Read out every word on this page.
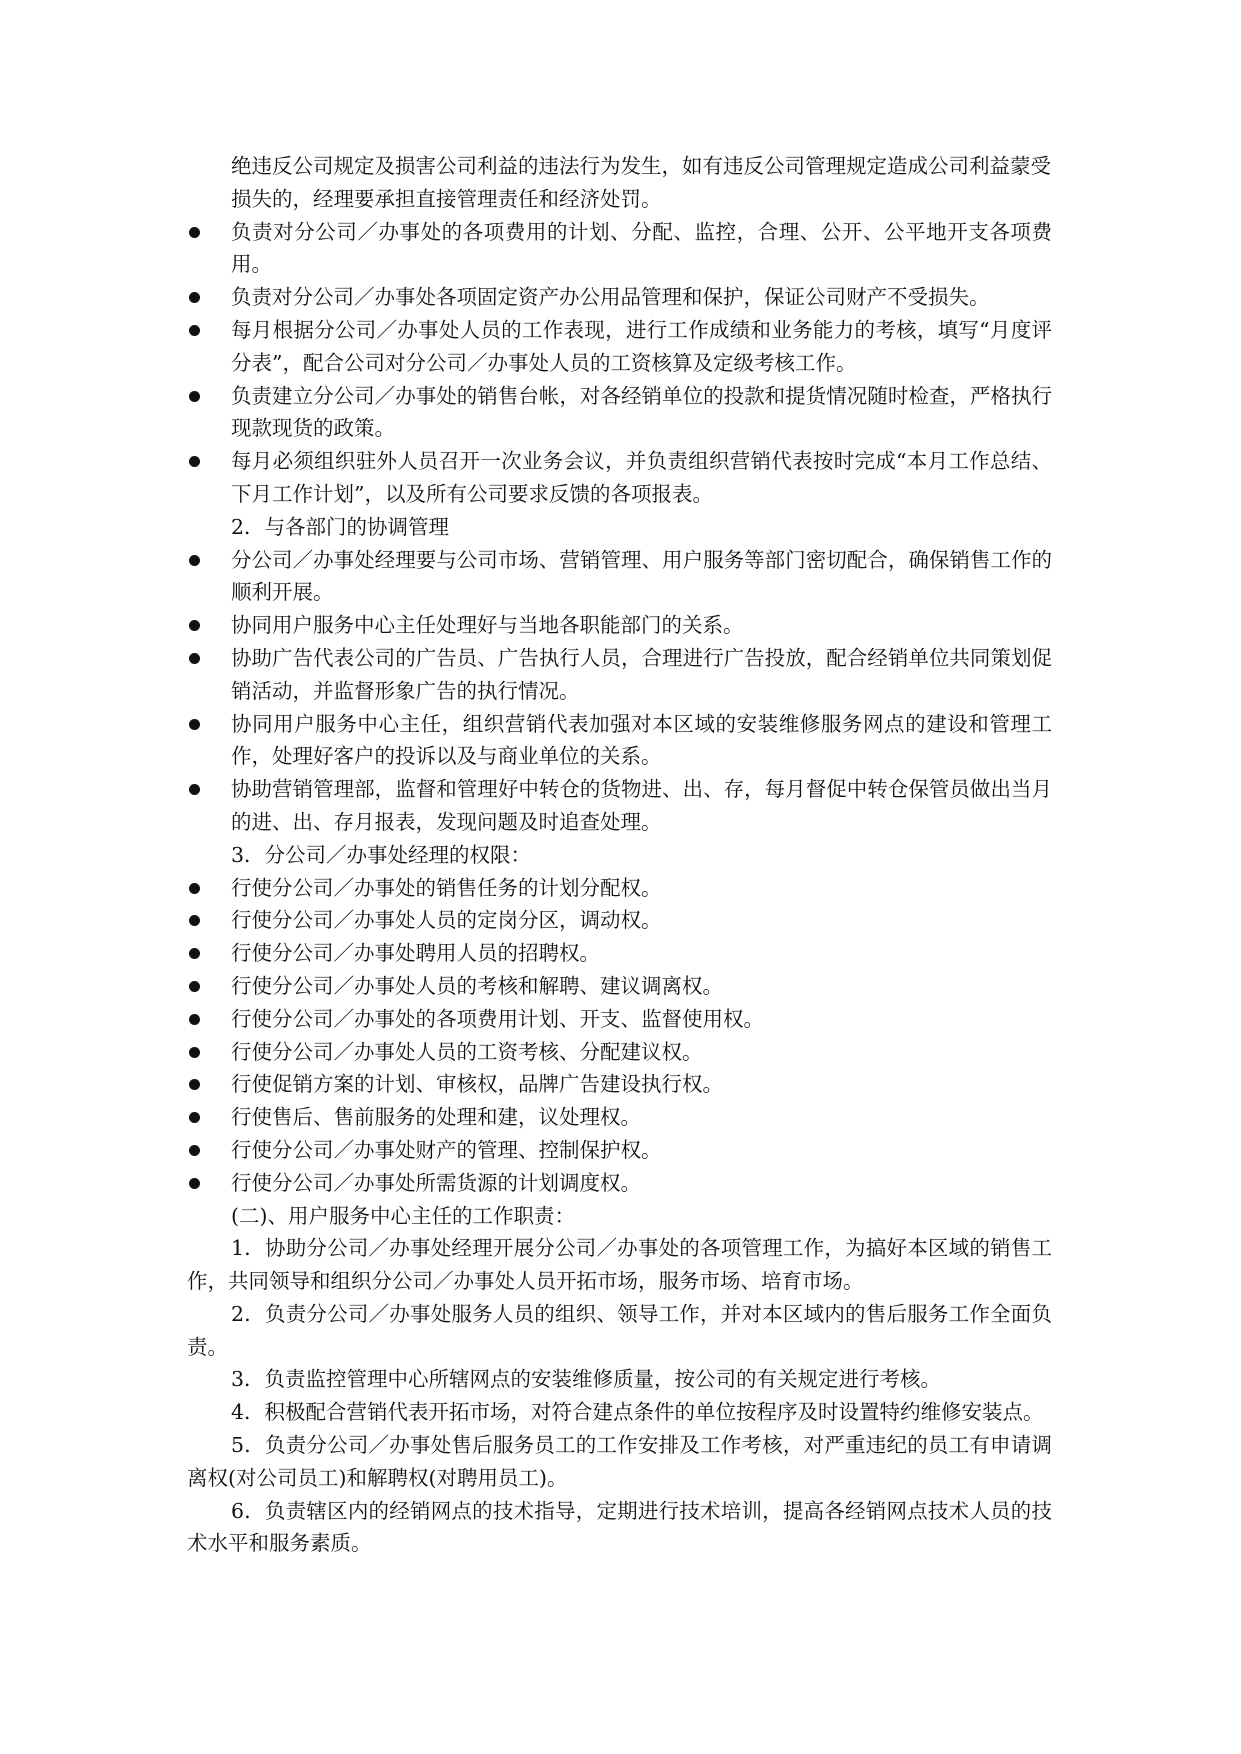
绝违反公司规定及损害公司利益的违法行为发生，如有违反公司管理规定造成公司利益蒙受损失的，经理要承担直接管理责任和经济处罚。

负责对分公司／办事处的各项费用的计划、分配、监控，合理、公开、公平地开支各项费用。

负责对分公司／办事处各项固定资产办公用品管理和保护，保证公司财产不受损失。

每月根据分公司／办事处人员的工作表现，进行工作成绩和业务能力的考核，填写“月度评分表”，配合公司对分公司／办事处人员的工资核算及定级考核工作。

负责建立分公司／办事处的销售台帐，对各经销单位的投款和提货情况随时检查，严格执行现款现货的政策。

每月必须组织驻外人员召开一次业务会议，并负责组织营销代表按时完成“本月工作总结、下月工作计划”，以及所有公司要求反馈的各项报表。

2．与各部门的协调管理

分公司／办事处经理要与公司市场、营销管理、用户服务等部门密切配合，确保销售工作的顺利开展。

协同用户服务中心主任处理好与当地各职能部门的关系。

协助广告代表公司的广告员、广告执行人员，合理进行广告投放，配合经销单位共同策划促销活动，并监督形象广告的执行情况。

协同用户服务中心主任，组织营销代表加强对本区域的安装维修服务网点的建设和管理工作，处理好客户的投诉以及与商业单位的关系。

协助营销管理部，监督和管理好中转仓的货物进、出、存，每月督促中转仓保管员做出当月的进、出、存月报表，发现问题及时追查处理。

3．分公司／办事处经理的权限：

行使分公司／办事处的销售任务的计划分配权。

行使分公司／办事处人员的定岗分区，调动权。

行使分公司／办事处聘用人员的招聘权。

行使分公司／办事处人员的考核和解聘、建议调离权。

行使分公司／办事处的各项费用计划、开支、监督使用权。

行使分公司／办事处人员的工资考核、分配建议权。

行使促销方案的计划、审核权，品牌广告建设执行权。

行使售后、售前服务的处理和建，议处理权。

行使分公司／办事处财产的管理、控制保护权。

行使分公司／办事处所需货源的计划调度权。

(二)、用户服务中心主任的工作职责：

1．协助分公司／办事处经理开展分公司／办事处的各项管理工作，为搞好本区域的销售工作，共同领导和组织分公司／办事处人员开拓市场，服务市场、培育市场。

2．负责分公司／办事处服务人员的组织、领导工作，并对本区域内的售后服务工作全面负责。

3．负责监控管理中心所辖网点的安装维修质量，按公司的有关规定进行考核。

4．积极配合营销代表开拓市场，对符合建点条件的单位按程序及时设置特约维修安装点。

5．负责分公司／办事处售后服务员工的工作安排及工作考核，对严重违纪的员工有申请调离权(对公司员工)和解聘权(对聘用员工)。

6．负责辖区内的经销网点的技术指导，定期进行技术培训，提高各经销网点技术人员的技术水平和服务素质。
